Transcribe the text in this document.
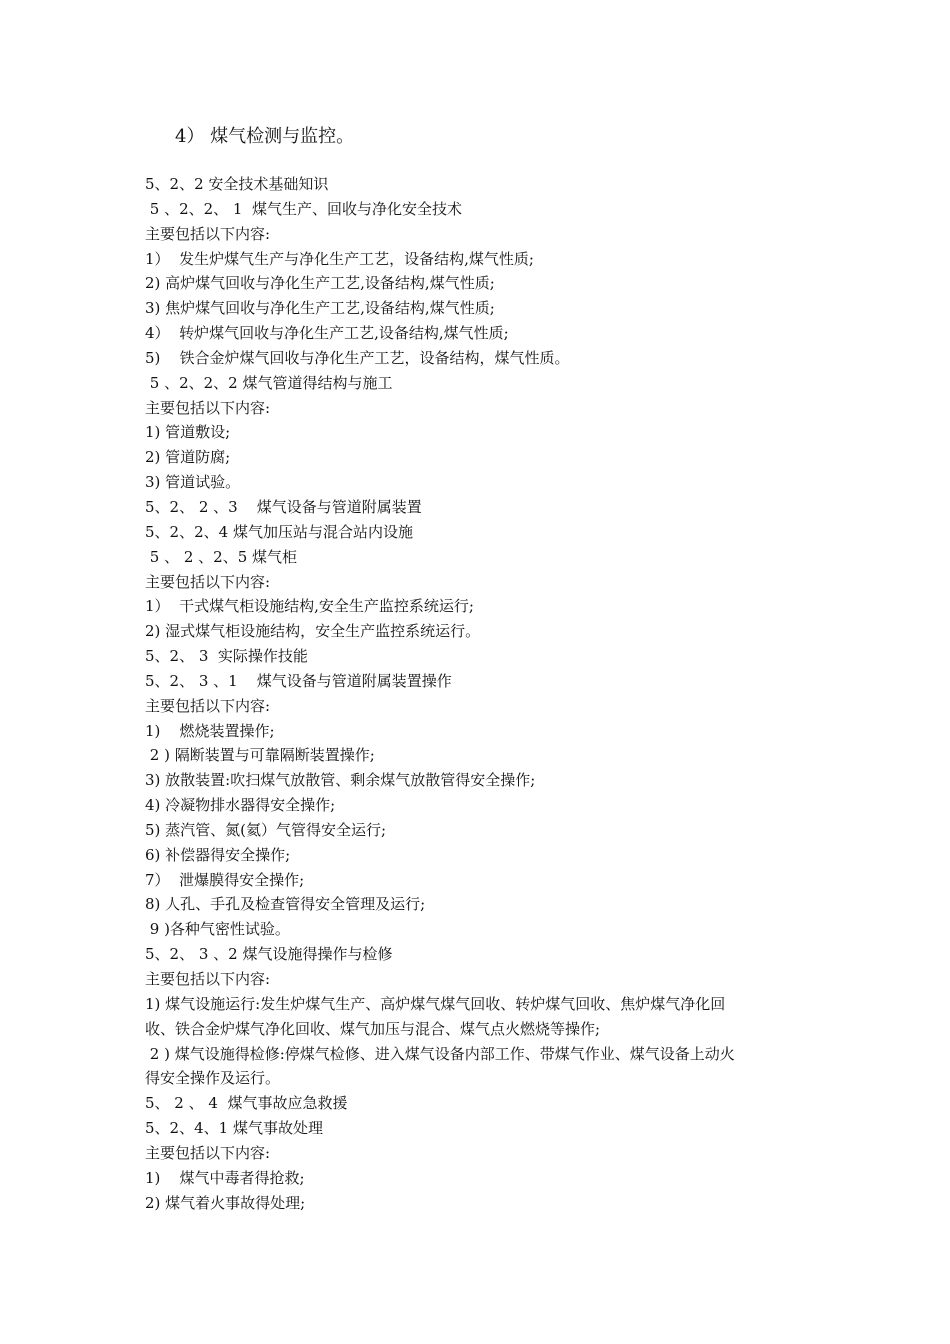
4） 煤气检测与监控。
5、2、2 安全技术基础知识
5 、2、2、 1  煤气生产、回收与净化安全技术
主要包括以下内容:
1）  发生炉煤气生产与净化生产工艺，设备结构,煤气性质;
2) 高炉煤气回收与净化生产工艺,设备结构,煤气性质;
3) 焦炉煤气回收与净化生产工艺,设备结构,煤气性质;
4）  转炉煤气回收与净化生产工艺,设备结构,煤气性质;
5)    铁合金炉煤气回收与净化生产工艺，设备结构，煤气性质。
5 、2、2、2 煤气管道得结构与施工
主要包括以下内容:
1) 管道敷设;
2) 管道防腐;
3) 管道试验。
5、2、 2 、3    煤气设备与管道附属装置
5、2、2、4 煤气加压站与混合站内设施
5 、 2 、2、5 煤气柜
主要包括以下内容:
1）  干式煤气柜设施结构,安全生产监控系统运行;
2) 湿式煤气柜设施结构，安全生产监控系统运行。
5、2、 3  实际操作技能
5、2、 3 、1    煤气设备与管道附属装置操作
主要包括以下内容:
1)    燃烧装置操作;
2 ) 隔断装置与可靠隔断装置操作;
3) 放散装置:吹扫煤气放散管、剩余煤气放散管得安全操作;
4) 冷凝物排水器得安全操作;
5) 蒸汽管、氮(氦）气管得安全运行;
6) 补偿器得安全操作;
7）  泄爆膜得安全操作;
8) 人孔、手孔及检查管得安全管理及运行;
9 )各种气密性试验。
5、2、 3 、2 煤气设施得操作与检修
主要包括以下内容:
1) 煤气设施运行:发生炉煤气生产、高炉煤气煤气回收、转炉煤气回收、焦炉煤气净化回
收、铁合金炉煤气净化回收、煤气加压与混合、煤气点火燃烧等操作;
2 ) 煤气设施得检修:停煤气检修、进入煤气设备内部工作、带煤气作业、煤气设备上动火
得安全操作及运行。
5、 2 、 4  煤气事故应急救援
5、2、4、1 煤气事故处理
主要包括以下内容:
1)    煤气中毒者得抢救;
2) 煤气着火事故得处理;
